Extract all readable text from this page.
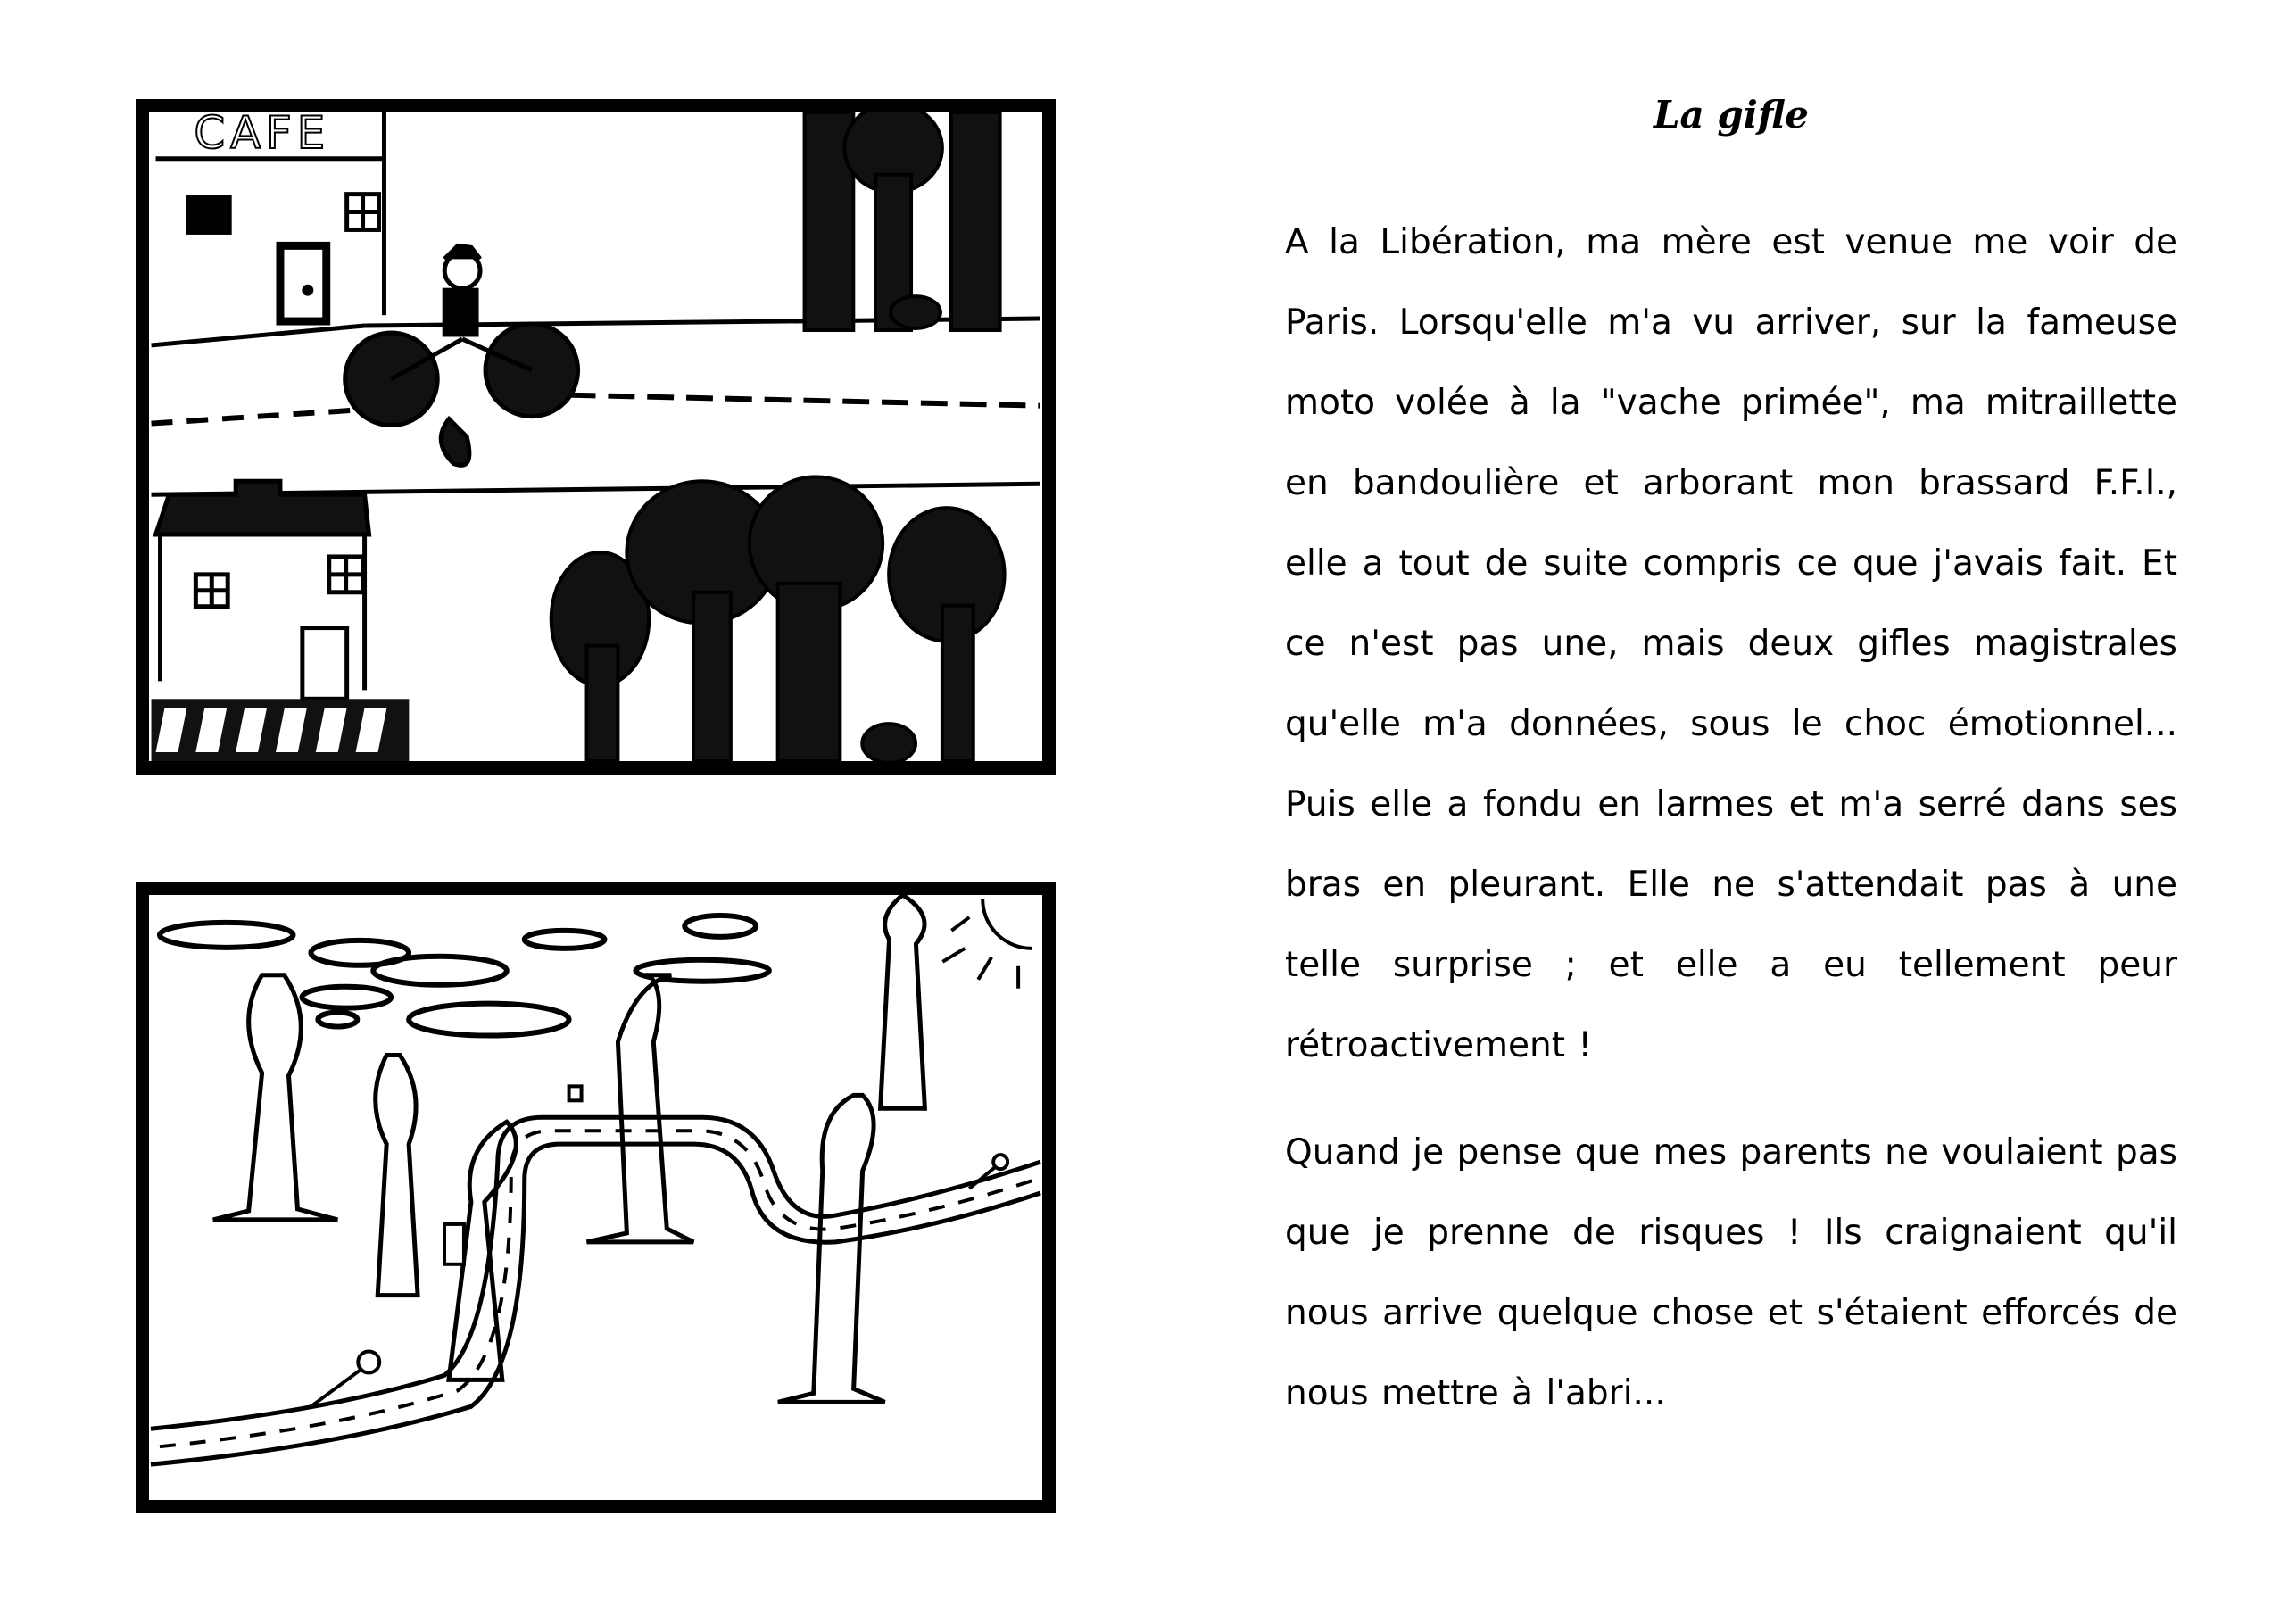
CAFE	La gifle

A la Libération, ma mère est venue me voir de Paris. Lorsqu'elle m'a vu arriver, sur la fameuse moto volée à la "vache primée", ma mitraillette en bandoulière et arborant mon brassard F.F.I., elle a tout de suite compris ce que j'avais fait. Et ce n'est pas une, mais deux gifles magistrales qu'elle m'a données, sous le choc émotionnel... Puis elle a fondu en larmes et m'a serré dans ses bras en pleurant. Elle ne s'attendait pas à une telle surprise ; et elle a eu tellement peur rétroactivement !

Quand je pense que mes parents ne voulaient pas que je prenne de risques ! Ils craignaient qu'il nous arrive quelque chose et s'étaient efforcés de nous mettre à l'abri...
